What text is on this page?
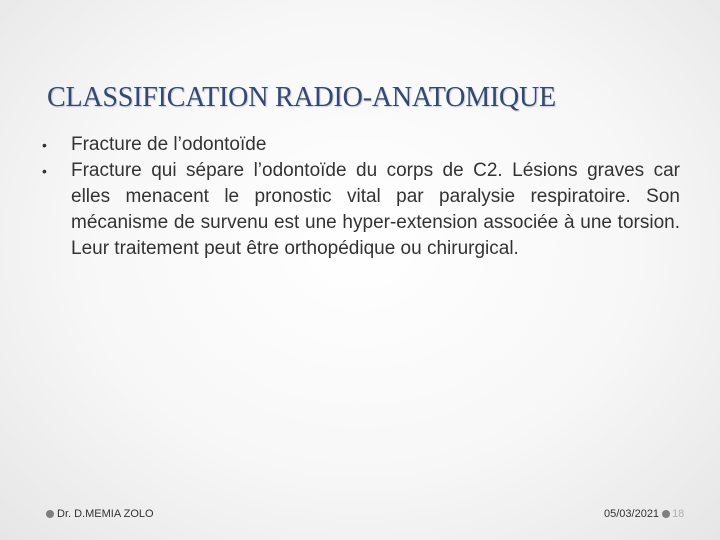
CLASSIFICATION RADIO-ANATOMIQUE
• Fracture de l’odontoïde
• Fracture qui sépare l’odontoïde du corps de C2. Lésions graves car elles menacent le pronostic vital par paralysie respiratoire. Son mécanisme de survenu est une hyper-extension associée à une torsion. Leur traitement peut être orthopédique ou chirurgical.
Dr. D.MEMIA ZOLO	05/03/2021 18
